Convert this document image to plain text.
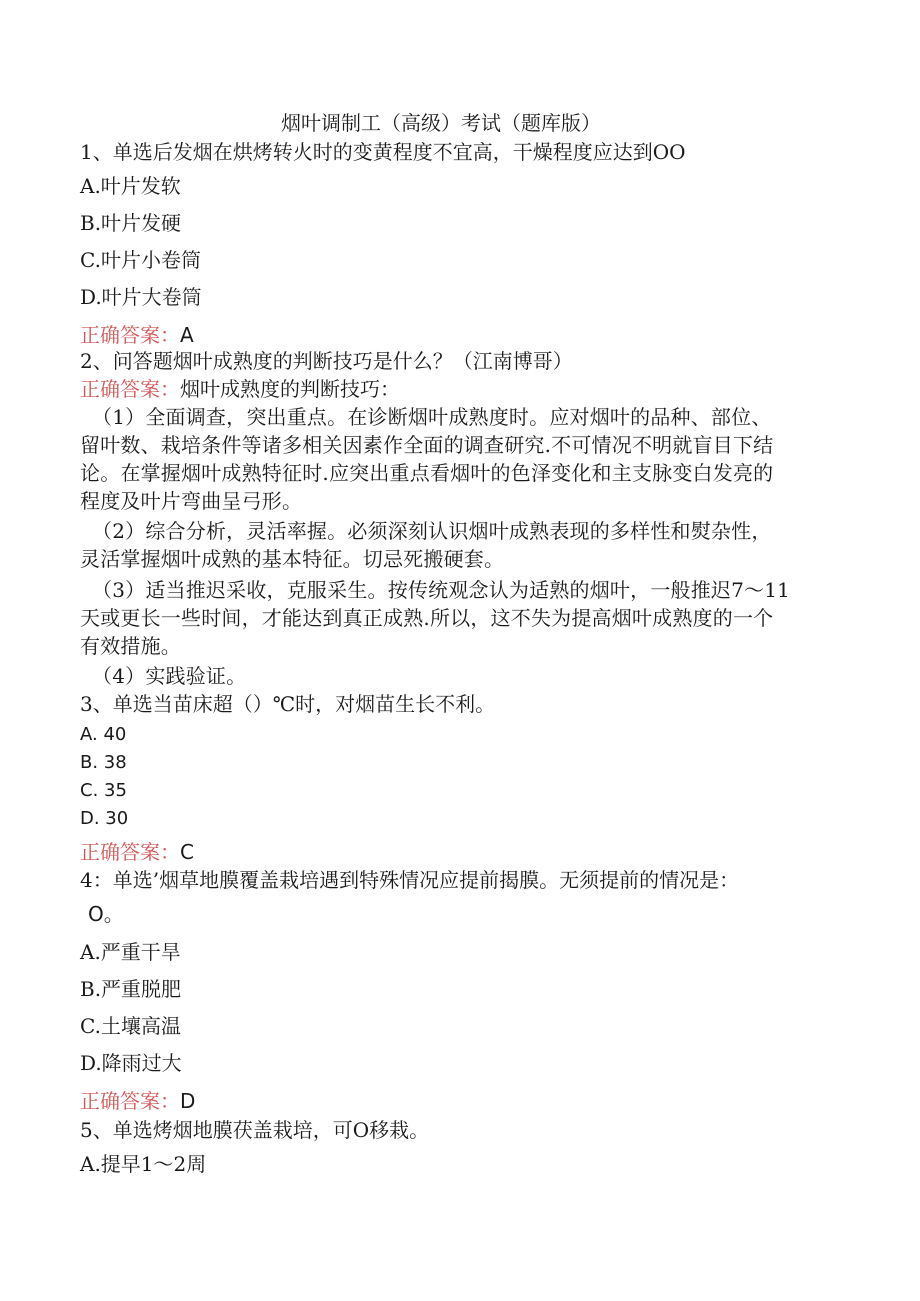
烟叶调制工（高级）考试（题库版）
1、单选后发烟在烘烤转火时的变黄程度不宜高，干燥程度应达到OO
A.叶片发软
B.叶片发硬
C.叶片小卷筒
D.叶片大卷筒
正确答案：A
2、问答题烟叶成熟度的判断技巧是什么？（江南博哥）
正确答案：烟叶成熟度的判断技巧：
（1）全面调查，突出重点。在诊断烟叶成熟度时。应对烟叶的品种、部位、
留叶数、栽培条件等诸多相关因素作全面的调查研究.不可情况不明就盲目下结
论。在掌握烟叶成熟特征时.应突出重点看烟叶的色泽变化和主支脉变白发亮的
程度及叶片弯曲呈弓形。
（2）综合分析，灵活率握。必须深刻认识烟叶成熟表现的多样性和熨杂性，
灵活掌握烟叶成熟的基本特征。切忌死搬硬套。
（3）适当推迟采收，克服采生。按传统观念认为适熟的烟叶，一般推迟7～11
天或更长一些时间，才能达到真正成熟.所以，这不失为提高烟叶成熟度的一个
有效措施。
（4）实践验证。
3、单选当苗床超（）℃时，对烟苗生长不利。
A. 40
B. 38
C. 35
D. 30
正确答案：C
4：单选’烟草地膜覆盖栽培遇到特殊情况应提前揭膜。无须提前的情况是：
O。
A.严重干旱
B.严重脱肥
C.土壤高温
D.降雨过大
正确答案：D
5、单选烤烟地膜茯盖栽培，可O移栽。
A.提早1～2周
